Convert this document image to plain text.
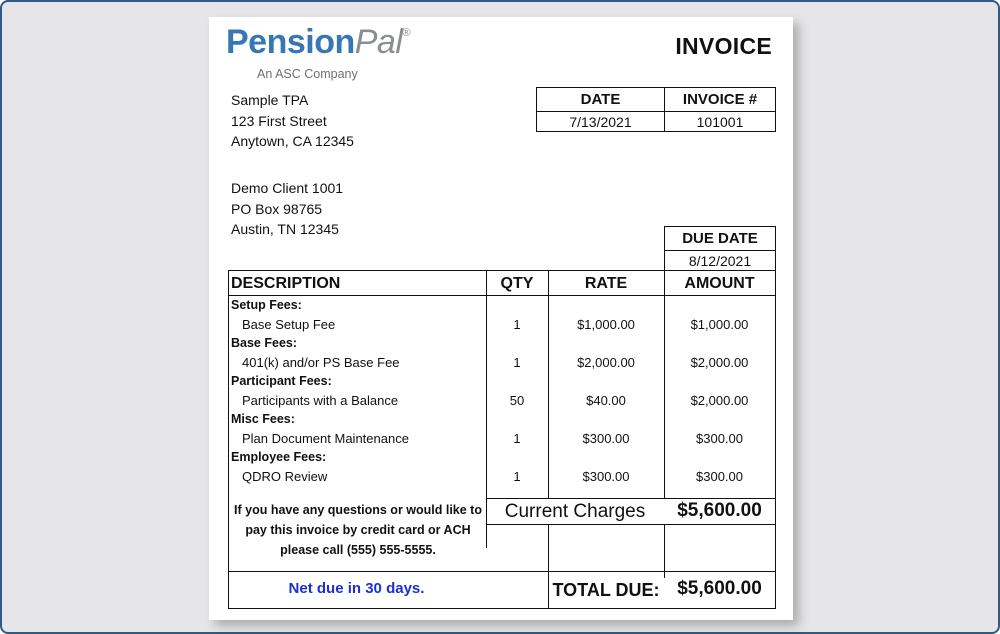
PensionPal®
An ASC Company
INVOICE
Sample TPA
123 First Street
Anytown, CA 12345
Demo Client 1001
PO Box 98765
Austin, TN 12345
DATE	INVOICE #
7/13/2021	101001
DUE DATE
8/12/2021
DESCRIPTION	QTY	RATE	AMOUNT
Setup Fees:
Base Setup Fee	1	$1,000.00	$1,000.00
Base Fees:
401(k) and/or PS Base Fee	1	$2,000.00	$2,000.00
Participant Fees:
Participants with a Balance	50	$40.00	$2,000.00
Misc Fees:
Plan Document Maintenance	1	$300.00	$300.00
Employee Fees:
QDRO Review	1	$300.00	$300.00
If you have any questions or would like to
pay this invoice by credit card or ACH
please call (555) 555-5555.
Current Charges	$5,600.00
Net due in 30 days.	TOTAL DUE: $5,600.00
